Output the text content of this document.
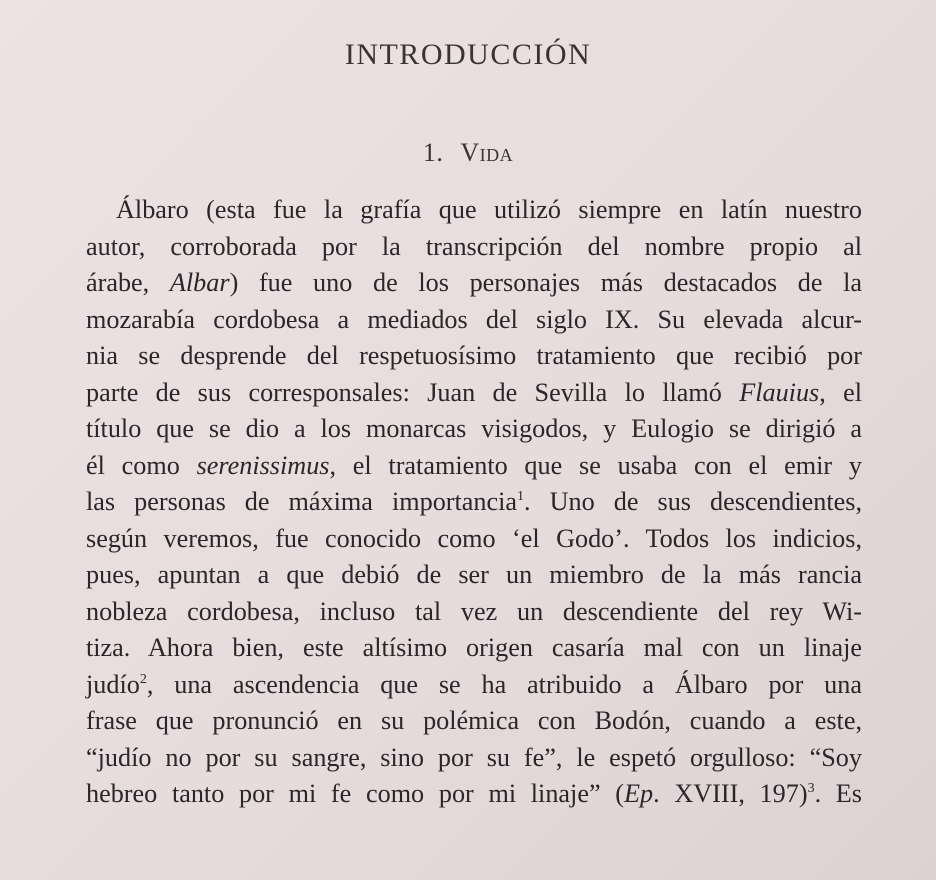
INTRODUCCIÓN
1. Vida
Álbaro (esta fue la grafía que utilizó siempre en latín nuestro
autor, corroborada por la transcripción del nombre propio al
árabe, Albar) fue uno de los personajes más destacados de la
mozarabía cordobesa a mediados del siglo IX. Su elevada alcur-
nia se desprende del respetuosísimo tratamiento que recibió por
parte de sus corresponsales: Juan de Sevilla lo llamó Flauius, el
título que se dio a los monarcas visigodos, y Eulogio se dirigió a
él como serenissimus, el tratamiento que se usaba con el emir y
las personas de máxima importancia$^1$. Uno de sus descendientes,
según veremos, fue conocido como ‘el Godo’. Todos los indicios,
pues, apuntan a que debió de ser un miembro de la más rancia
nobleza cordobesa, incluso tal vez un descendiente del rey Wi-
tiza. Ahora bien, este altísimo origen casaría mal con un linaje
judío$^2$, una ascendencia que se ha atribuido a Álbaro por una
frase que pronunció en su polémica con Bodón, cuando a este,
“judío no por su sangre, sino por su fe”, le espetó orgulloso: “Soy
hebreo tanto por mi fe como por mi linaje” (Ep. XVIII, 197)$^3$. Es
